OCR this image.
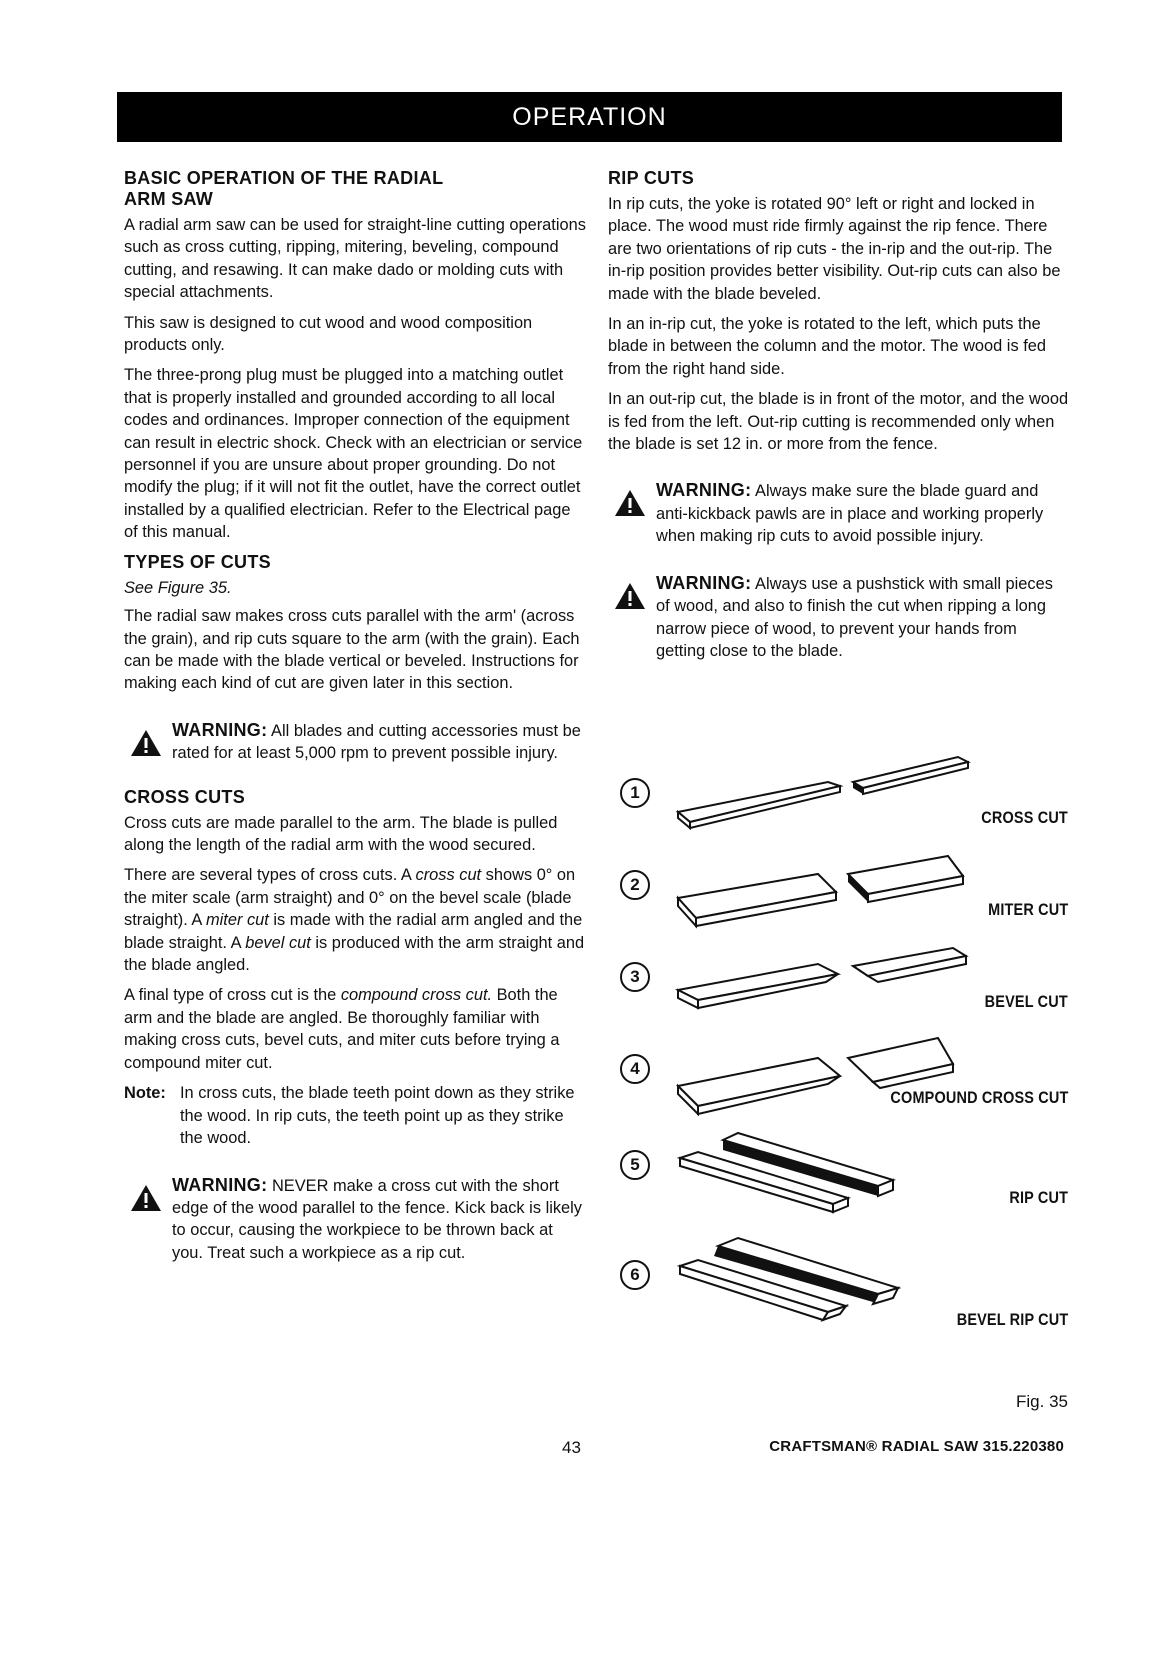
OPERATION
BASIC OPERATION OF THE RADIAL
ARM SAW

A radial arm saw can be used for straight-line cutting operations such as cross cutting, ripping, mitering, beveling, compound cutting, and resawing. It can make dado or molding cuts with special attachments.

This saw is designed to cut wood and wood composition products only.

The three-prong plug must be plugged into a matching outlet that is properly installed and grounded according to all local codes and ordinances. Improper connection of the equipment can result in electric shock. Check with an electrician or service personnel if you are unsure about proper grounding. Do not modify the plug; if it will not fit the outlet, have the correct outlet installed by a qualified electrician. Refer to the Electrical page of this manual.

TYPES OF CUTS
See Figure 35.

The radial saw makes cross cuts parallel with the arm' (across the grain), and rip cuts square to the arm (with the grain). Each can be made with the blade vertical or beveled. Instructions for making each kind of cut are given later in this section.

WARNING: All blades and cutting accessories must be rated for at least 5,000 rpm to prevent possible injury.
CROSS CUTS

Cross cuts are made parallel to the arm. The blade is pulled along the length of the radial arm with the wood secured.

There are several types of cross cuts. A cross cut shows 0° on the miter scale (arm straight) and 0° on the bevel scale (blade straight). A miter cut is made with the radial arm angled and the blade straight. A bevel cut is produced with the arm straight and the blade angled.

A final type of cross cut is the compound cross cut. Both the arm and the blade are angled. Be thoroughly familiar with making cross cuts, bevel cuts, and miter cuts before trying a compound miter cut.

Note: In cross cuts, the blade teeth point down as they strike the wood. In rip cuts, the teeth point up as they strike the wood.
WARNING: NEVER make a cross cut with the short edge of the wood parallel to the fence. Kick back is likely to occur, causing the workpiece to be thrown back at you. Treat such a workpiece as a rip cut.
RIP CUTS

In rip cuts, the yoke is rotated 90° left or right and locked in place. The wood must ride firmly against the rip fence. There are two orientations of rip cuts - the in-rip and the out-rip. The in-rip position provides better visibility. Out-rip cuts can also be made with the blade beveled.

In an in-rip cut, the yoke is rotated to the left, which puts the blade in between the column and the motor. The wood is fed from the right hand side.

In an out-rip cut, the blade is in front of the motor, and the wood is fed from the left. Out-rip cutting is recommended only when the blade is set 12 in. or more from the fence.

WARNING: Always make sure the blade guard and anti-kickback pawls are in place and working properly when making rip cuts to avoid possible injury.
WARNING: Always use a pushstick with small pieces of wood, and also to finish the cut when ripping a long narrow piece of wood, to prevent your hands from getting close to the blade.
1
CROSS CUT
2
MITER CUT
3
BEVEL CUT
4
COMPOUND CROSS CUT
5
RIP CUT
6
BEVEL RIP CUT
Fig. 35
43	CRAFTSMAN® RADIAL SAW 315.220380
